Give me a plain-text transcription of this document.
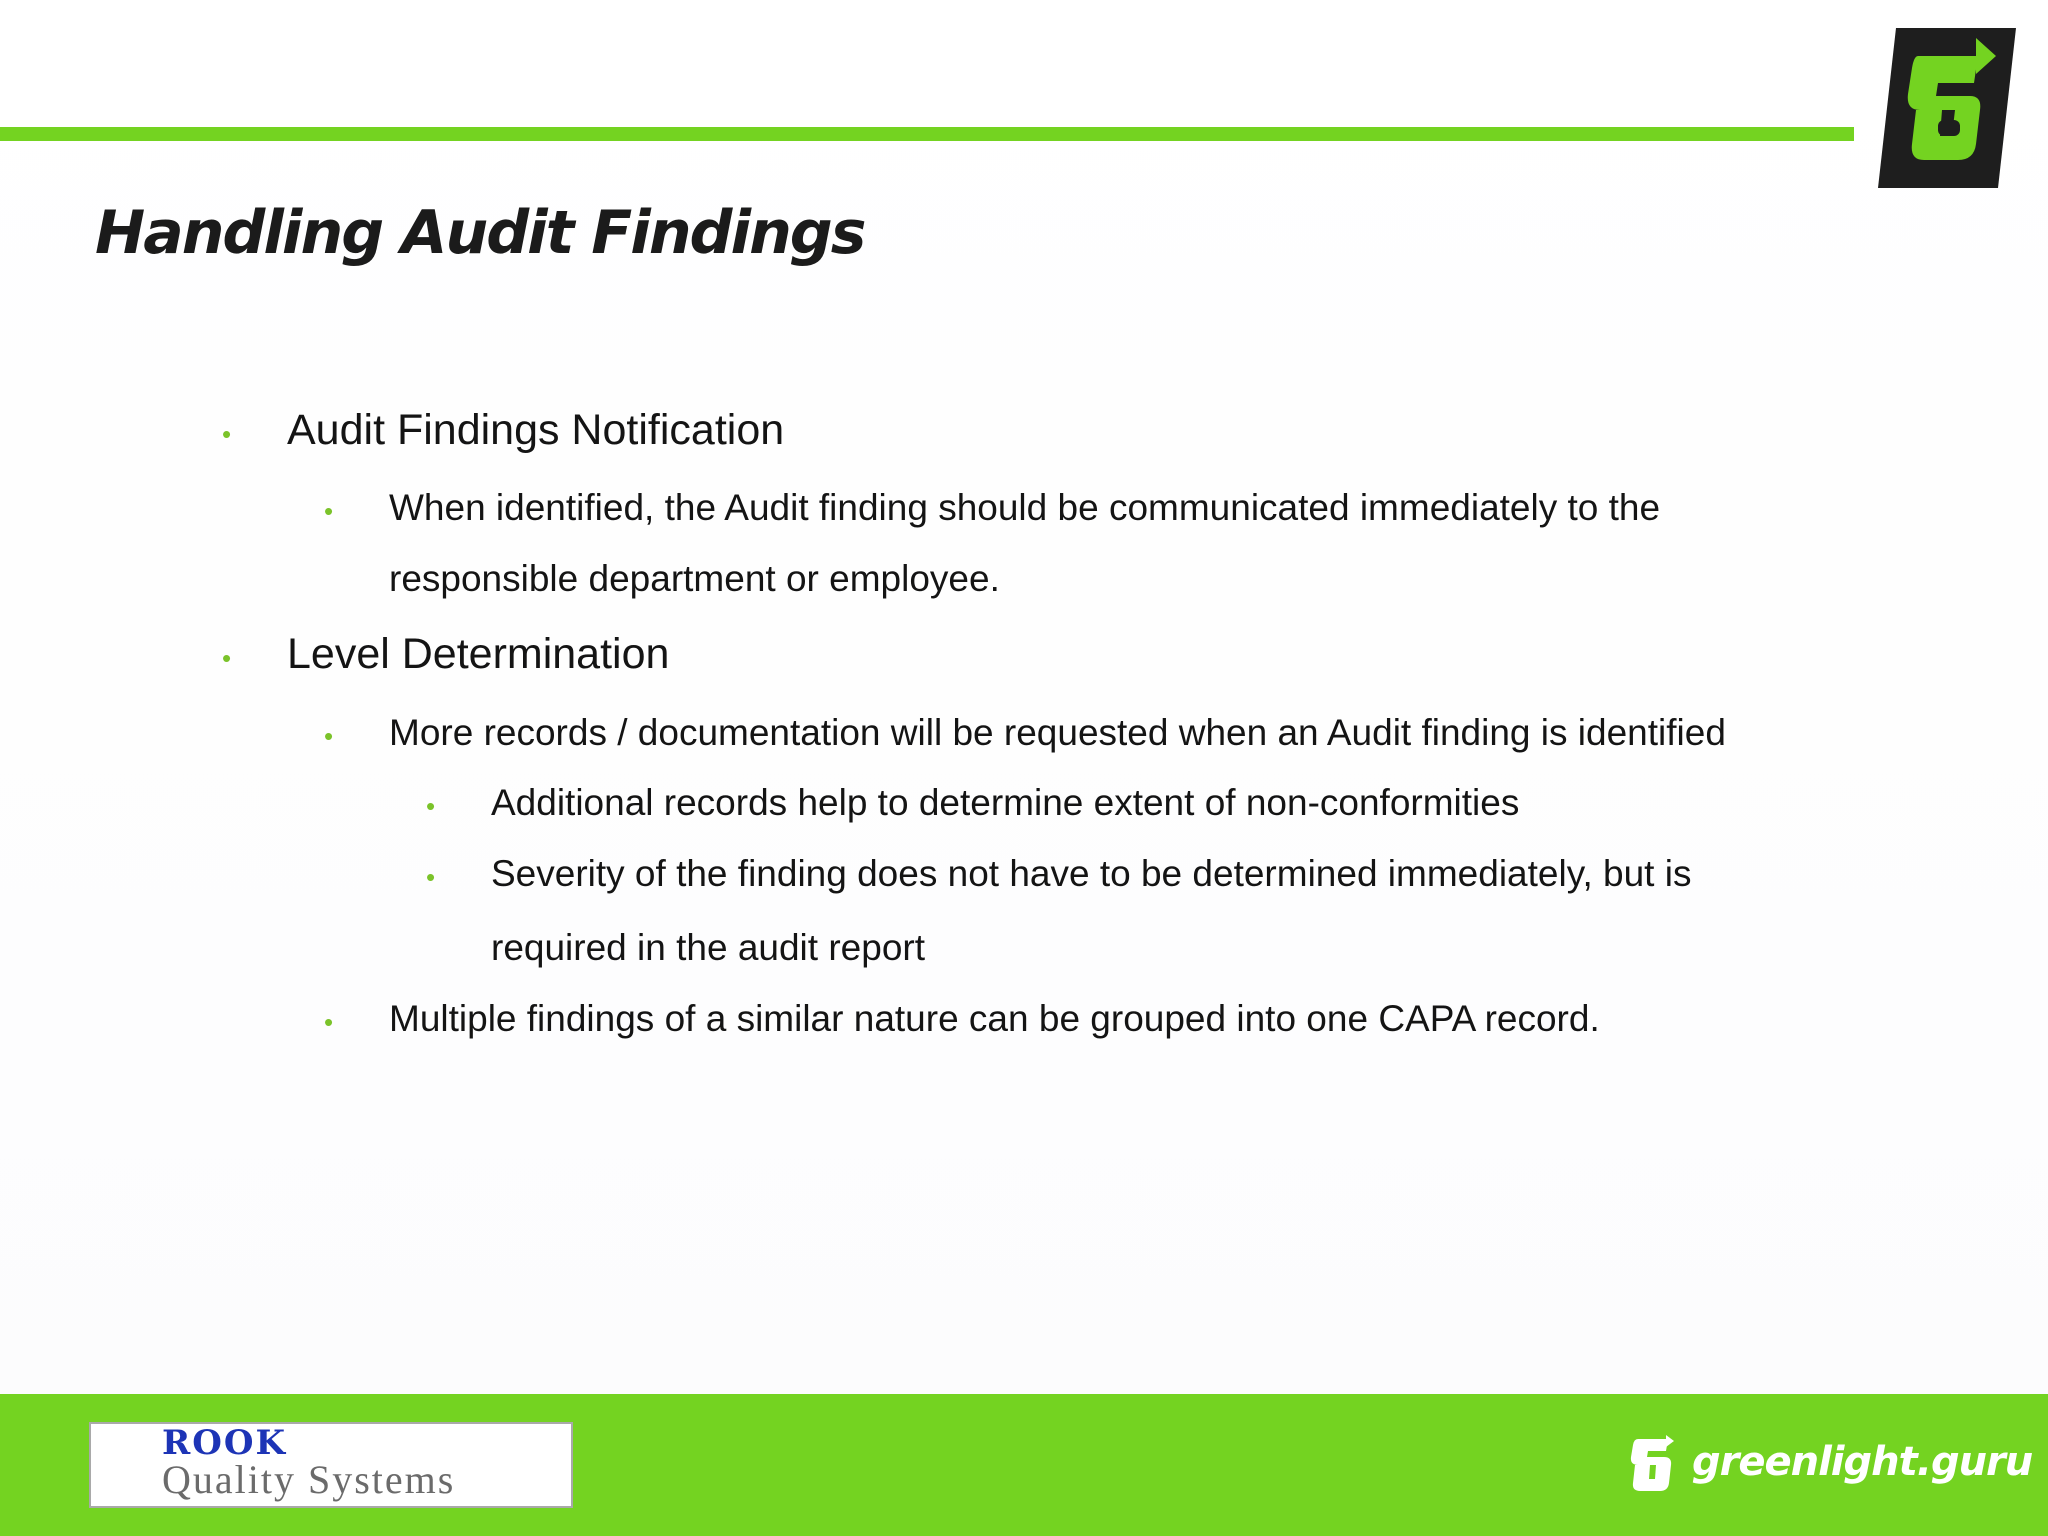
Handling Audit Findings
• Audit Findings Notification
• When identified, the Audit finding should be communicated immediately to the
responsible department or employee.
• Level Determination
• More records / documentation will be requested when an Audit finding is identified
• Additional records help to determine extent of non-conformities
• Severity of the finding does not have to be determined immediately, but is
required in the audit report
• Multiple findings of a similar nature can be grouped into one CAPA record.
ROOK
Quality Systems	greenlight.guru
